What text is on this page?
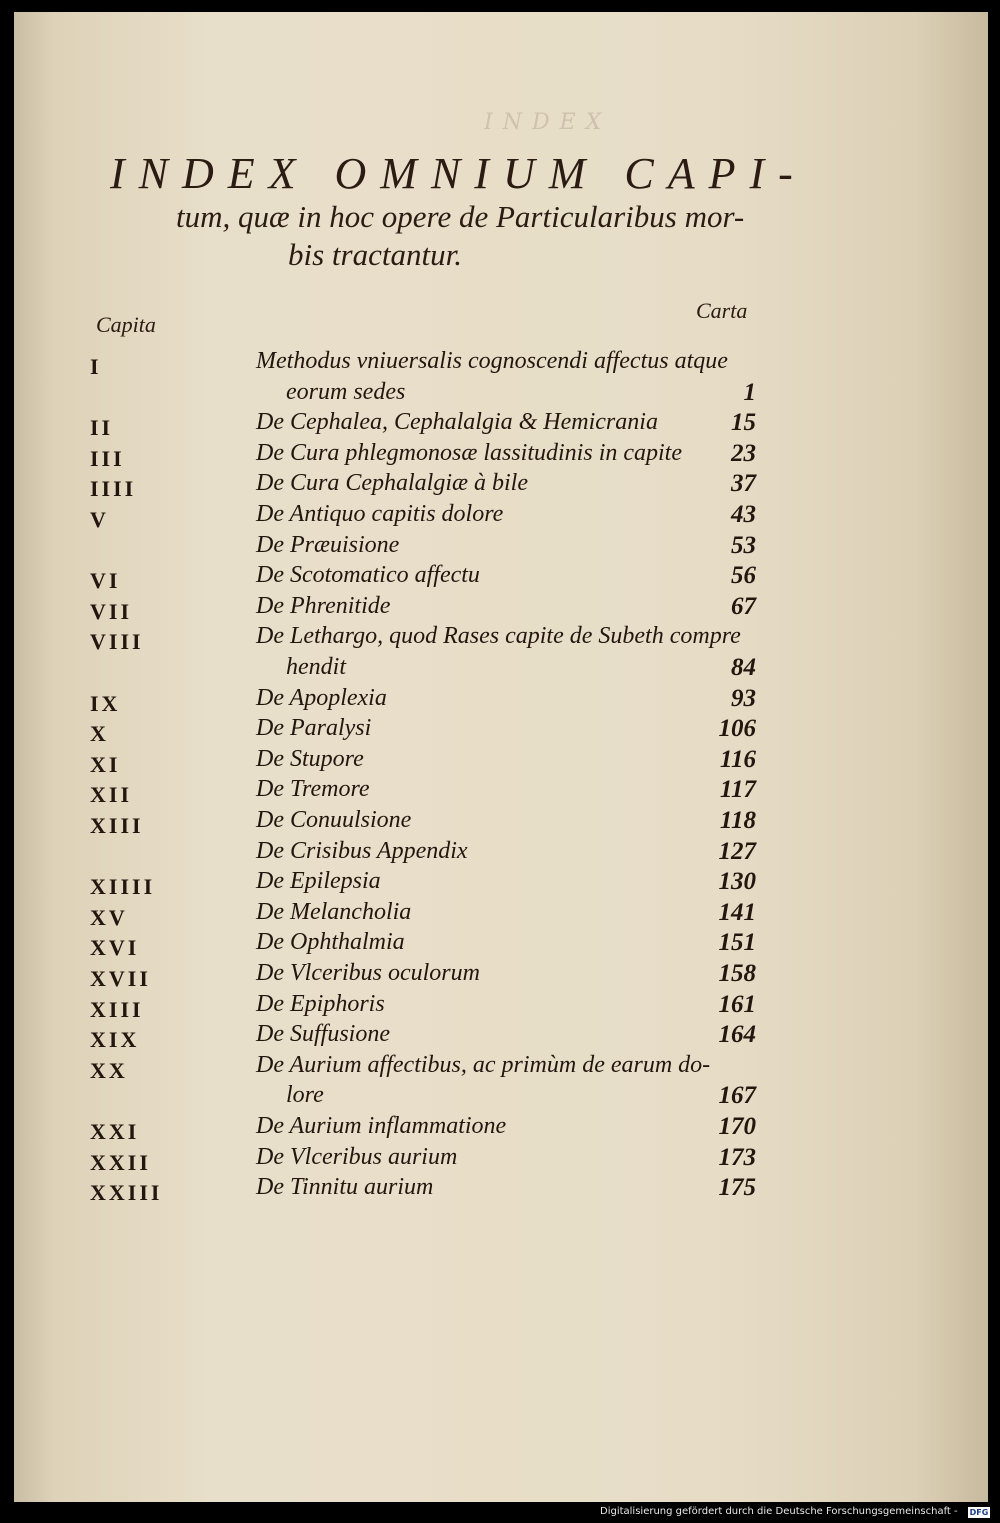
INDEX
INDEX OMNIUM CAPI-
tum, quæ in hoc opere de Particularibus mor-
bis tractantur.
Capita
Carta
I	Methodus vniuersalis cognoscendi affectus atque
eorum sedes	1
II	De Cephalea, Cephalalgia & Hemicrania	15
III	De Cura phlegmonosæ lassitudinis in capite 23
IIII	De Cura Cephalalgiæ à bile	37
V	De Antiquo capitis dolore	43
De Præuisione	53
VI	De Scotomatico affectu	56
VII	De Phrenitide	67
VIII	De Lethargo, quod Rases capite de Subeth compre
hendit	84
IX	De Apoplexia	93
X	De Paralysi	106
XI	De Stupore	116
XII	De Tremore	117
XIII	De Conuulsione	118
De Crisibus Appendix	127
XIIII	De Epilepsia	130
XV	De Melancholia	141
XVI	De Ophthalmia	151
XVII	De Vlceribus oculorum	158
XIII	De Epiphoris	161
XIX	De Suffusione	164
XX	De Aurium affectibus, ac primùm de earum do-
lore	167
XXI	De Aurium inflammatione	170
XXII	De Vlceribus aurium	173
XXIII	De Tinnitu aurium	175
Digitalisierung gefördert durch die Deutsche Forschungsgemeinschaft - DFG
